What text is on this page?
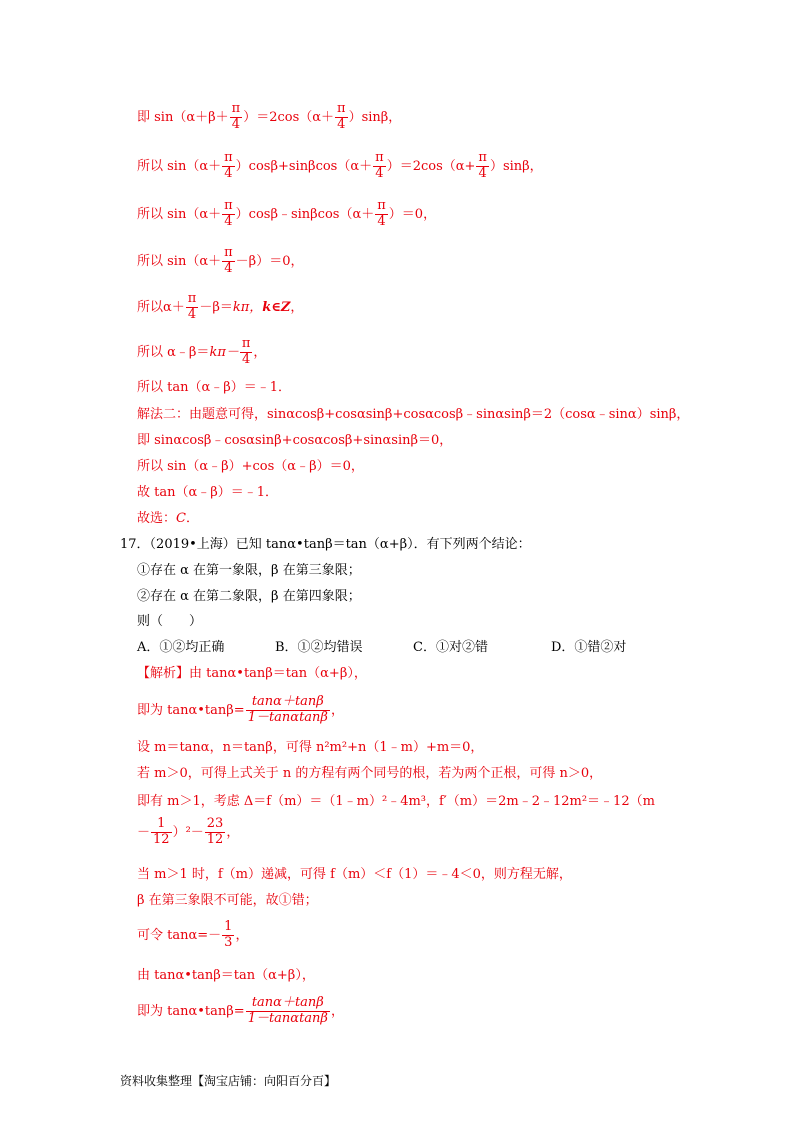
即 $\sin(\alpha+\beta+ \frac{\pi}{4} )=2\cos(\alpha+ \frac{\pi}{4} )\sin\beta$，
所以 $\sin(\alpha+ \frac{\pi}{4} )\cos\beta+\sin\beta\cos(\alpha+ \frac{\pi}{4} )=2\cos(\alpha+ \frac{\pi}{4} )\sin\beta$，
所以 $\sin(\alpha+ \frac{\pi}{4}$ ）cosβ﹣sinβcos（α＋ $\frac{\pi}{4} )=0$，
所以 $\sin(\alpha+ \frac{\pi}{4} -\beta)=0$，
所以$\alpha+ \frac{\pi}{4} -\beta=k\pi$，k∈Z，
所以 α﹣β＝kπ－ $\frac{\pi}{4}$ ，
所以 tan（α﹣β）＝﹣1．
解法二：由题意可得，sinαcosβ+cosαsinβ+cosαcosβ﹣sinαsinβ＝2（cosα﹣sinα）sinβ，
即 sinαcosβ﹣cosαsinβ+cosαcosβ+sinαsinβ＝0，
所以 sin（α﹣β）+cos（α﹣β）＝0，
故 tan（α﹣β）＝﹣1．
故选：C．
17．（2019•上海）已知 tanα•tanβ＝tan（α+β）．有下列两个结论：
①存在 α 在第一象限，β 在第三象限；
②存在 α 在第二象限，β 在第四象限；
则（　　）
A．①②均正确	B．①②均错误	C．①对②错	D．①错②对
【解析】由 tanα•tanβ＝tan（α+β），
即为 tanα•tanβ= $\frac{\tan\alpha+\tan\beta}{1-\tan\alpha\tan\beta}$ ，
设 m＝tanα，n＝tanβ，可得 n²m²+n（1﹣m）+m＝0，
若 m＞0，可得上式关于 n 的方程有两个同号的根，若为两个正根，可得 n＞0，
即有 m＞1，考虑 Δ＝f（m）＝（1﹣m）²﹣4m³，f′（m）＝2m﹣2﹣12m²＝﹣12（m
－ $\frac{1}{12} )^2- \frac{23}{12}$ ，
当 m＞1 时，f（m）递减，可得 f（m）＜f（1）＝﹣4＜0，则方程无解，
β 在第三象限不可能，故①错；
可令 $\tan\alpha=- \frac{1}{3}$ ，
由 tanα•tanβ＝tan（α+β），
即为 tanα•tanβ= $\frac{\tan\alpha+\tan\beta}{1-\tan\alpha\tan\beta}$ ，
资料收集整理【淘宝店铺：向阳百分百】
